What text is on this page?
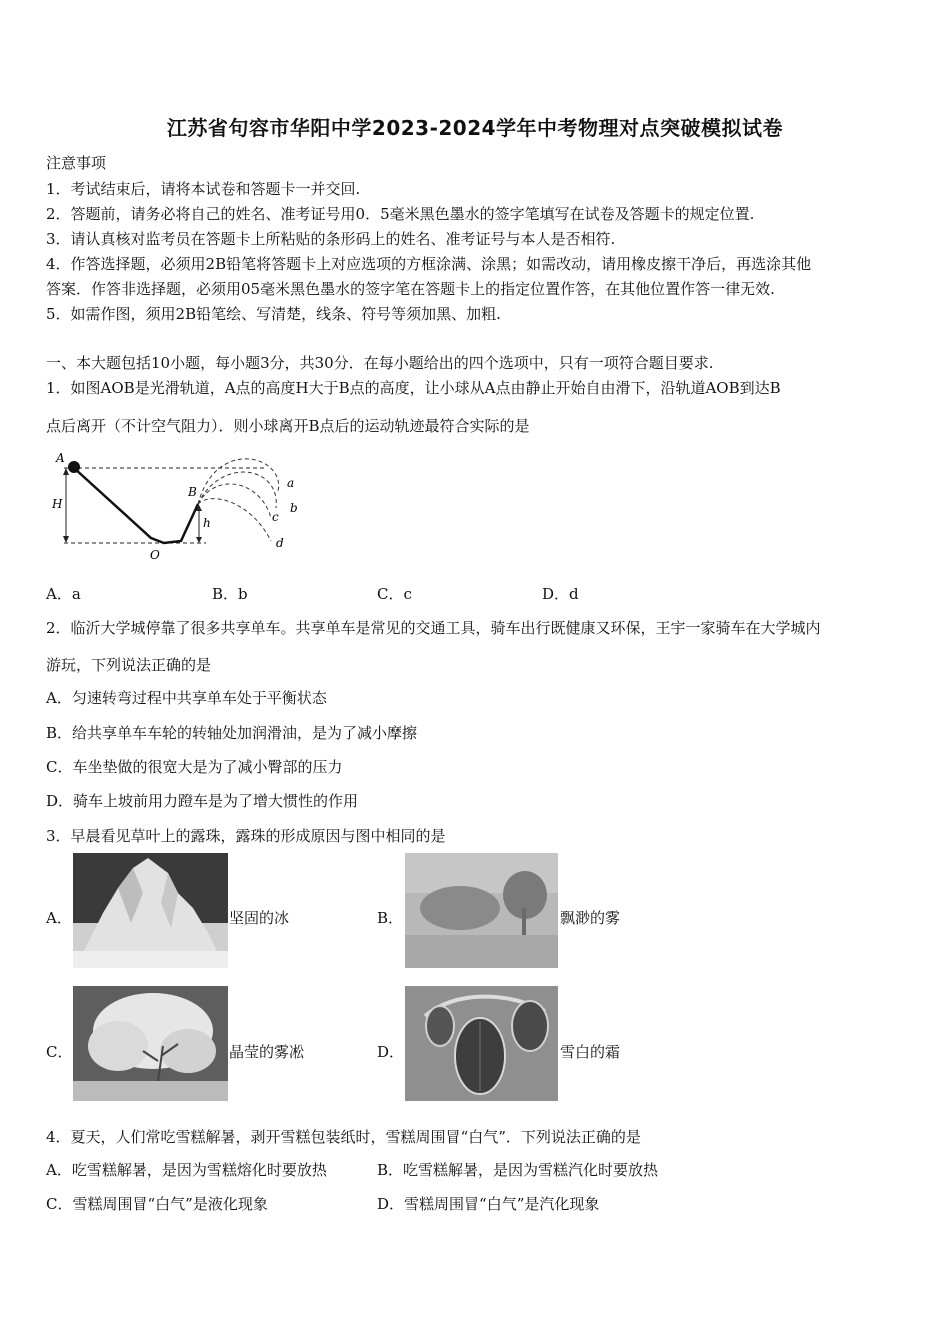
江苏省句容市华阳中学2023-2024学年中考物理对点突破模拟试卷
注意事项
1．考试结束后，请将本试卷和答题卡一并交回.
2．答题前，请务必将自己的姓名、准考证号用0．5毫米黑色墨水的签字笔填写在试卷及答题卡的规定位置.
3．请认真核对监考员在答题卡上所粘贴的条形码上的姓名、准考证号与本人是否相符.
4．作答选择题，必须用2B铅笔将答题卡上对应选项的方框涂满、涂黑；如需改动，请用橡皮擦干净后，再选涂其他
答案．作答非选择题，必须用05毫米黑色墨水的签字笔在答题卡上的指定位置作答，在其他位置作答一律无效.
5．如需作图，须用2B铅笔绘、写清楚，线条、符号等须加黑、加粗.
一、本大题包括10小题，每小题3分，共30分．在每小题给出的四个选项中，只有一项符合题目要求.
1．如图AOB是光滑轨道，A点的高度H大于B点的高度，让小球从A点由静止开始自由滑下，沿轨道AOB到达B
点后离开（不计空气阻力）．则小球离开B点后的运动轨迹最符合实际的是
A
H
B
h
O
a
b
c
d
A．a	B．b	C．c	D．d
2．临沂大学城停靠了很多共享单车。共享单车是常见的交通工具，骑车出行既健康又环保，王宇一家骑车在大学城内
游玩，下列说法正确的是
A．匀速转弯过程中共享单车处于平衡状态
B．给共享单车车轮的转轴处加润滑油，是为了减小摩擦
C．车坐垫做的很宽大是为了减小臀部的压力
D．骑车上坡前用力蹬车是为了增大惯性的作用
3．早晨看见草叶上的露珠，露珠的形成原因与图中相同的是
A．	坚固的冰	B．	飘渺的雾
C．	晶莹的雾凇	D．	雪白的霜
4．夏天，人们常吃雪糕解暑，剥开雪糕包装纸时，雪糕周围冒“白气”．下列说法正确的是
A．吃雪糕解暑，是因为雪糕熔化时要放热	B．吃雪糕解暑，是因为雪糕汽化时要放热
C．雪糕周围冒“白气”是液化现象	D．雪糕周围冒“白气”是汽化现象
